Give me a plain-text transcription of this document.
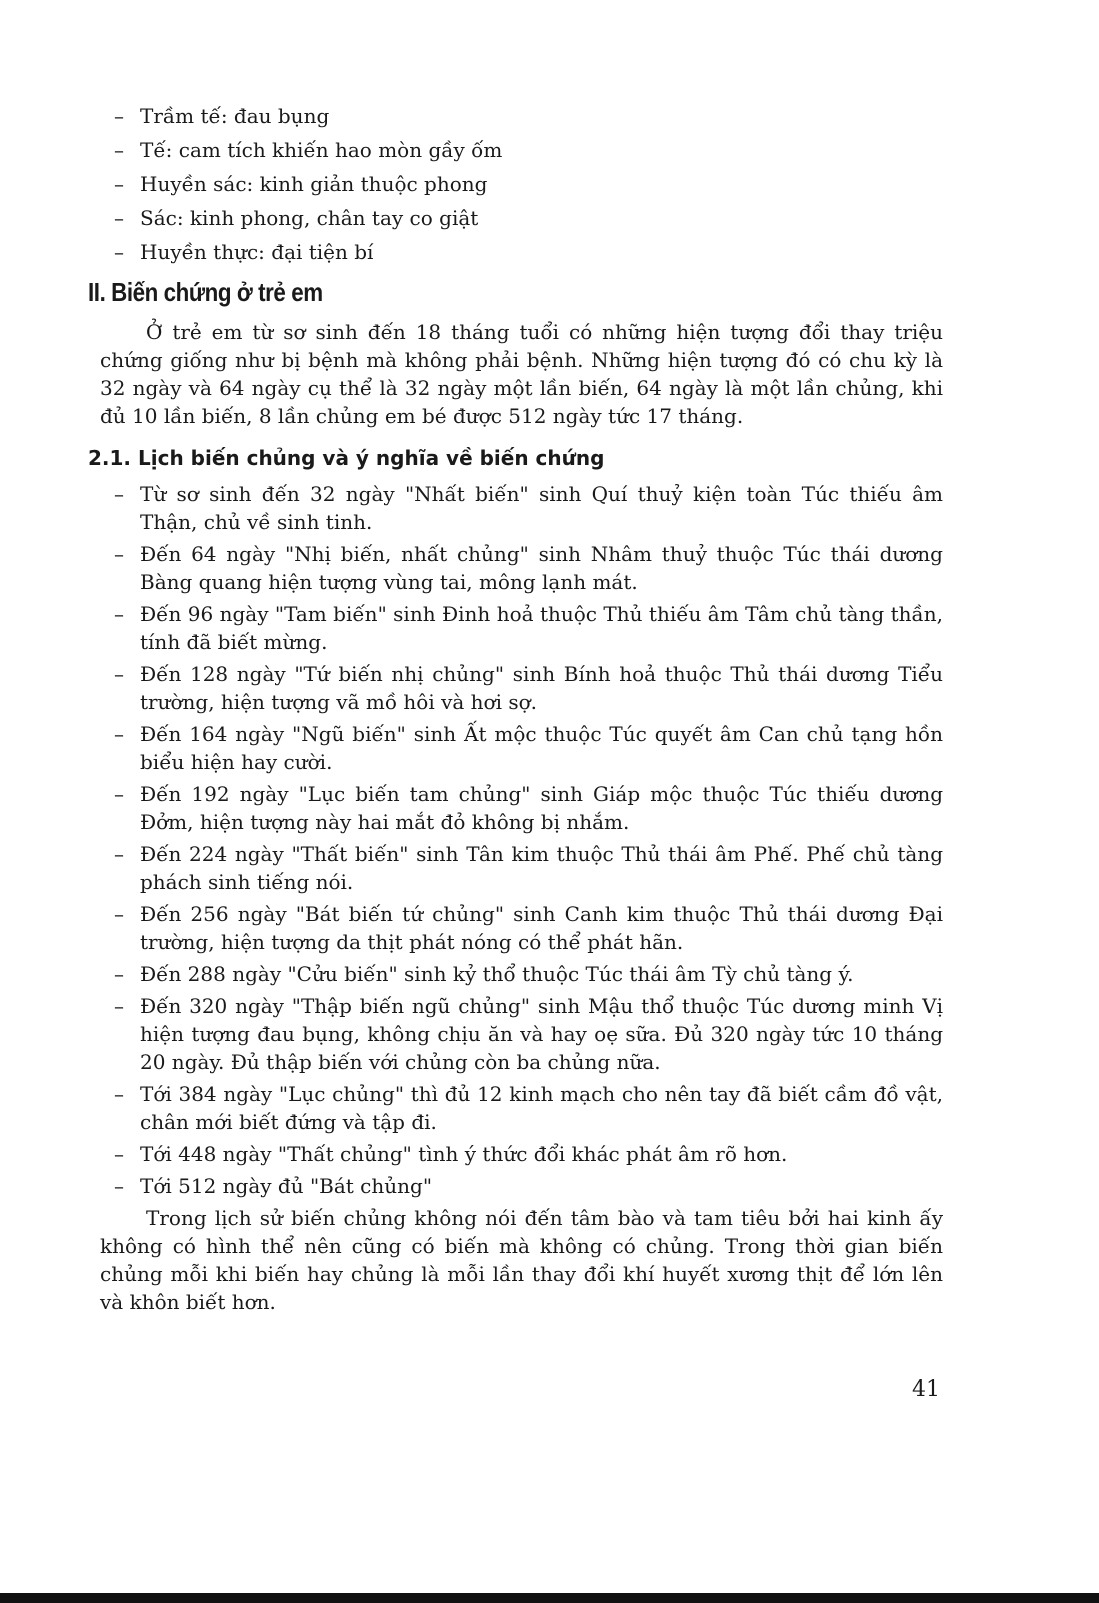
– Trầm tế: đau bụng
– Tế: cam tích khiến hao mòn gầy ốm
– Huyền sác: kinh giản thuộc phong
– Sác: kinh phong, chân tay co giật
– Huyền thực: đại tiện bí
II. Biến chứng ở trẻ em

Ở trẻ em từ sơ sinh đến 18 tháng tuổi có những hiện tượng đổi thay triệu chứng giống như bị bệnh mà không phải bệnh. Những hiện tượng đó có chu kỳ là 32 ngày và 64 ngày cụ thể là 32 ngày một lần biến, 64 ngày là một lần chủng, khi đủ 10 lần biến, 8 lần chủng em bé được 512 ngày tức 17 tháng.

2.1. Lịch biến chủng và ý nghĩa về biến chứng
– Từ sơ sinh đến 32 ngày "Nhất biến" sinh Quí thuỷ kiện toàn Túc thiếu âm Thận, chủ về sinh tinh.
– Đến 64 ngày "Nhị biến, nhất chủng" sinh Nhâm thuỷ thuộc Túc thái dương Bàng quang hiện tượng vùng tai, mông lạnh mát.
– Đến 96 ngày "Tam biến" sinh Đinh hoả thuộc Thủ thiếu âm Tâm chủ tàng thần, tính đã biết mừng.
– Đến 128 ngày "Tứ biến nhị chủng" sinh Bính hoả thuộc Thủ thái dương Tiểu trường, hiện tượng vã mồ hôi và hơi sợ.
– Đến 164 ngày "Ngũ biến" sinh Ất mộc thuộc Túc quyết âm Can chủ tạng hồn biểu hiện hay cười.
– Đến 192 ngày "Lục biến tam chủng" sinh Giáp mộc thuộc Túc thiếu dương Đởm, hiện tượng này hai mắt đỏ không bị nhắm.
– Đến 224 ngày "Thất biến" sinh Tân kim thuộc Thủ thái âm Phế. Phế chủ tàng phách sinh tiếng nói.
– Đến 256 ngày "Bát biến tứ chủng" sinh Canh kim thuộc Thủ thái dương Đại trường, hiện tượng da thịt phát nóng có thể phát hãn.
– Đến 288 ngày "Cửu biến" sinh kỷ thổ thuộc Túc thái âm Tỳ chủ tàng ý.
– Đến 320 ngày "Thập biến ngũ chủng" sinh Mậu thổ thuộc Túc dương minh Vị hiện tượng đau bụng, không chịu ăn và hay oẹ sữa. Đủ 320 ngày tức 10 tháng 20 ngày. Đủ thập biến với chủng còn ba chủng nữa.
– Tới 384 ngày "Lục chủng" thì đủ 12 kinh mạch cho nên tay đã biết cầm đồ vật, chân mới biết đứng và tập đi.
– Tới 448 ngày "Thất chủng" tình ý thức đổi khác phát âm rõ hơn.
– Tới 512 ngày đủ "Bát chủng"

Trong lịch sử biến chủng không nói đến tâm bào và tam tiêu bởi hai kinh ấy không có hình thể nên cũng có biến mà không có chủng. Trong thời gian biến chủng mỗi khi biến hay chủng là mỗi lần thay đổi khí huyết xương thịt để lớn lên và khôn biết hơn.

41
